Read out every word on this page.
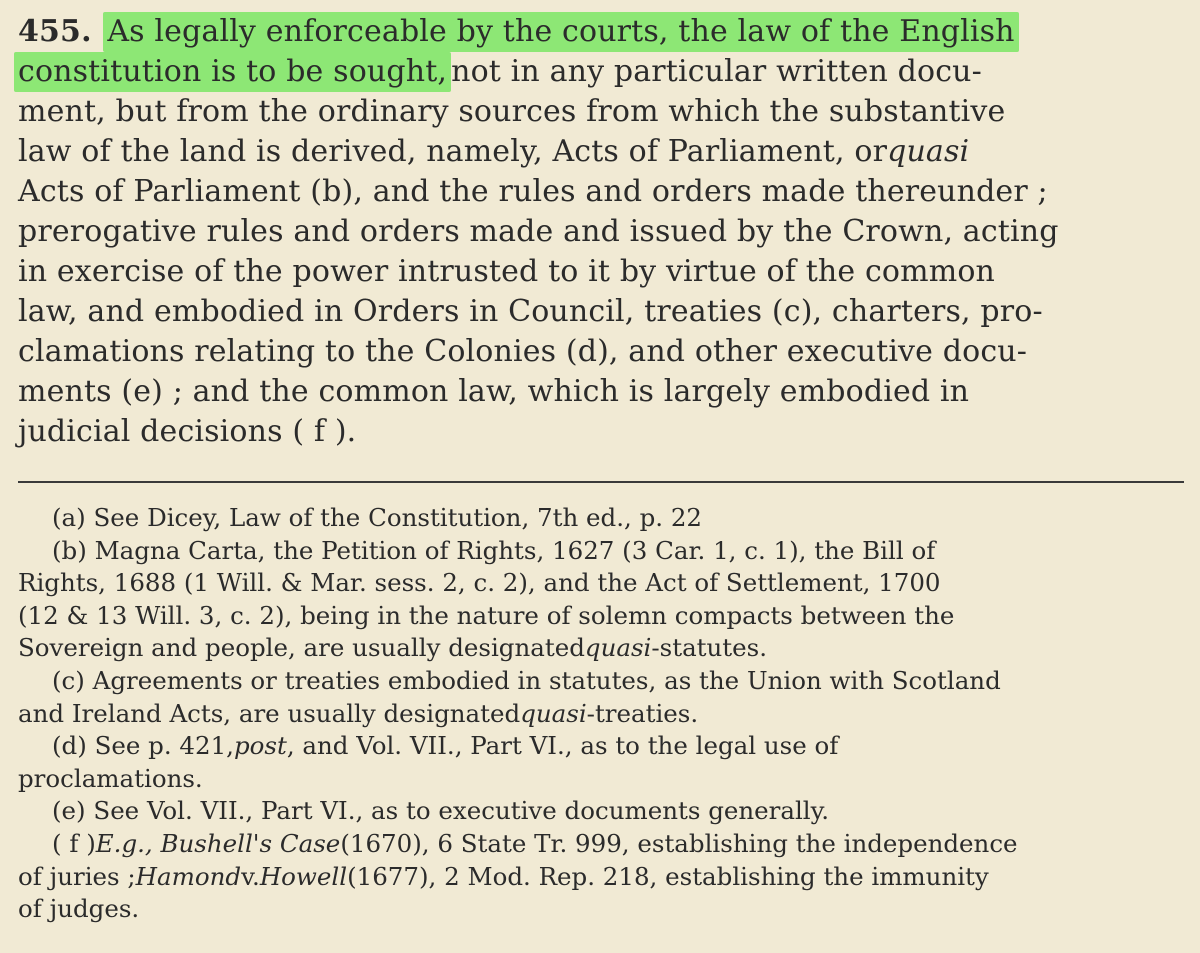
455. As legally enforceable by the courts, the law of the English
constitution is to be sought,not in any particular written docu-
ment, but from the ordinary sources from which the substantive
law of the land is derived, namely, Acts of Parliament, orquasi
Acts of Parliament (b), and the rules and orders made thereunder ;
prerogative rules and orders made and issued by the Crown, acting
in exercise of the power intrusted to it by virtue of the common
law, and embodied in Orders in Council, treaties (c), charters, pro-
clamations relating to the Colonies (d), and other executive docu-
ments (e) ; and the common law, which is largely embodied in
judicial decisions ( f ).
(a) See Dicey, Law of the Constitution, 7th ed., p. 22
(b) Magna Carta, the Petition of Rights, 1627 (3 Car. 1, c. 1), the Bill of
Rights, 1688 (1 Will. & Mar. sess. 2, c. 2), and the Act of Settlement, 1700
(12 & 13 Will. 3, c. 2), being in the nature of solemn compacts between the
Sovereign and people, are usually designatedquasi-statutes.
(c) Agreements or treaties embodied in statutes, as the Union with Scotland
and Ireland Acts, are usually designatedquasi-treaties.
(d) See p. 421,post, and Vol. VII., Part VI., as to the legal use of
proclamations.
(e) See Vol. VII., Part VI., as to executive documents generally.
( f )E.g., Bushell's Case(1670), 6 State Tr. 999, establishing the independence
of juries ;Hamondv.Howell(1677), 2 Mod. Rep. 218, establishing the immunity
of judges.
